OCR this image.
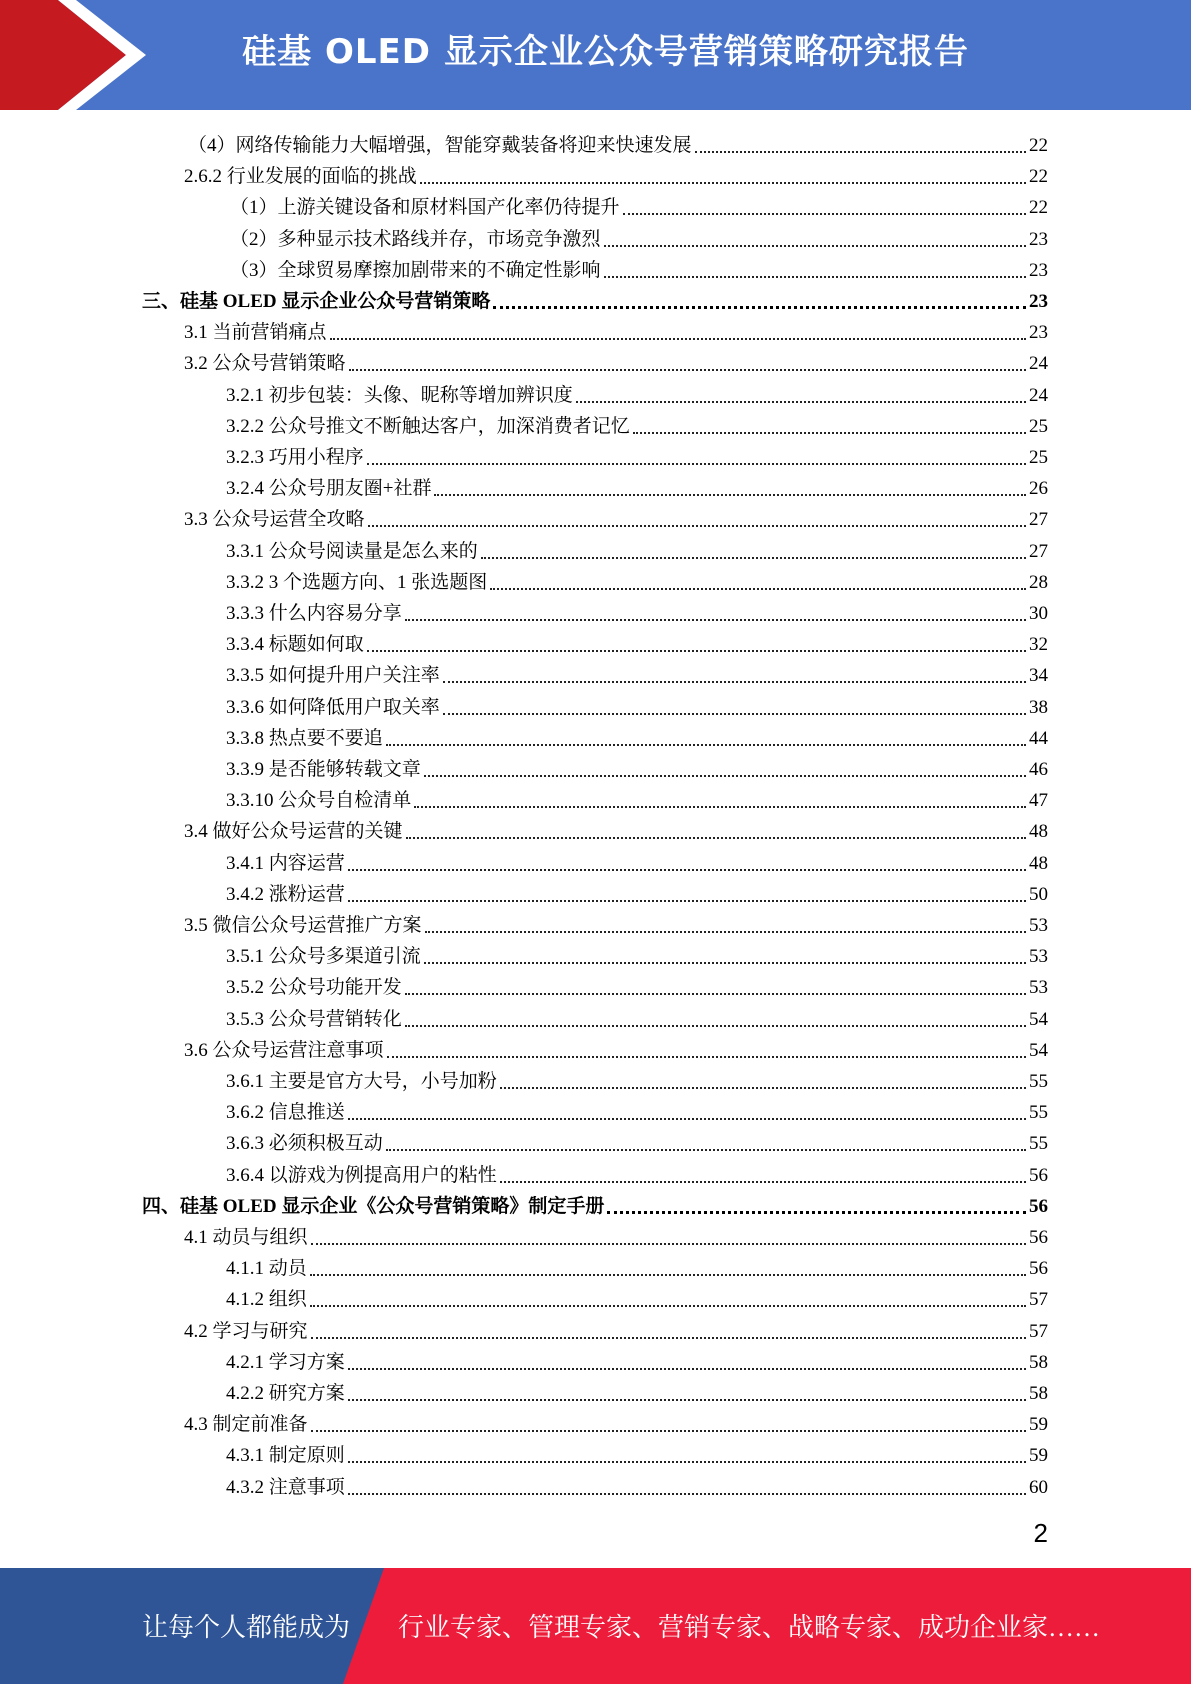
硅基 OLED 显示企业公众号营销策略研究报告
（4）网络传输能力大幅增强，智能穿戴装备将迎来快速发展	22
2.6.2 行业发展的面临的挑战	22
（1）上游关键设备和原材料国产化率仍待提升	22
（2）多种显示技术路线并存，市场竞争激烈	23
（3）全球贸易摩擦加剧带来的不确定性影响	23
三、硅基 OLED 显示企业公众号营销策略	23
3.1 当前营销痛点	23
3.2 公众号营销策略	24
3.2.1 初步包装：头像、昵称等增加辨识度	24
3.2.2 公众号推文不断触达客户，加深消费者记忆	25
3.2.3 巧用小程序	25
3.2.4 公众号朋友圈+社群	26
3.3 公众号运营全攻略	27
3.3.1 公众号阅读量是怎么来的	27
3.3.2 3 个选题方向、1 张选题图	28
3.3.3 什么内容易分享	30
3.3.4 标题如何取	32
3.3.5 如何提升用户关注率	34
3.3.6 如何降低用户取关率	38
3.3.8 热点要不要追	44
3.3.9 是否能够转载文章	46
3.3.10 公众号自检清单	47
3.4 做好公众号运营的关键	48
3.4.1 内容运营	48
3.4.2 涨粉运营	50
3.5 微信公众号运营推广方案	53
3.5.1 公众号多渠道引流	53
3.5.2 公众号功能开发	53
3.5.3 公众号营销转化	54
3.6 公众号运营注意事项	54
3.6.1 主要是官方大号，小号加粉	55
3.6.2 信息推送	55
3.6.3 必须积极互动	55
3.6.4 以游戏为例提高用户的粘性	56
四、硅基 OLED 显示企业《公众号营销策略》制定手册	56
4.1 动员与组织	56
4.1.1 动员	56
4.1.2 组织	57
4.2 学习与研究	57
4.2.1 学习方案	58
4.2.2 研究方案	58
4.3 制定前准备	59
4.3.1 制定原则	59
4.3.2 注意事项	60
2
让每个人都能成为 行业专家、管理专家、营销专家、战略专家、成功企业家……
